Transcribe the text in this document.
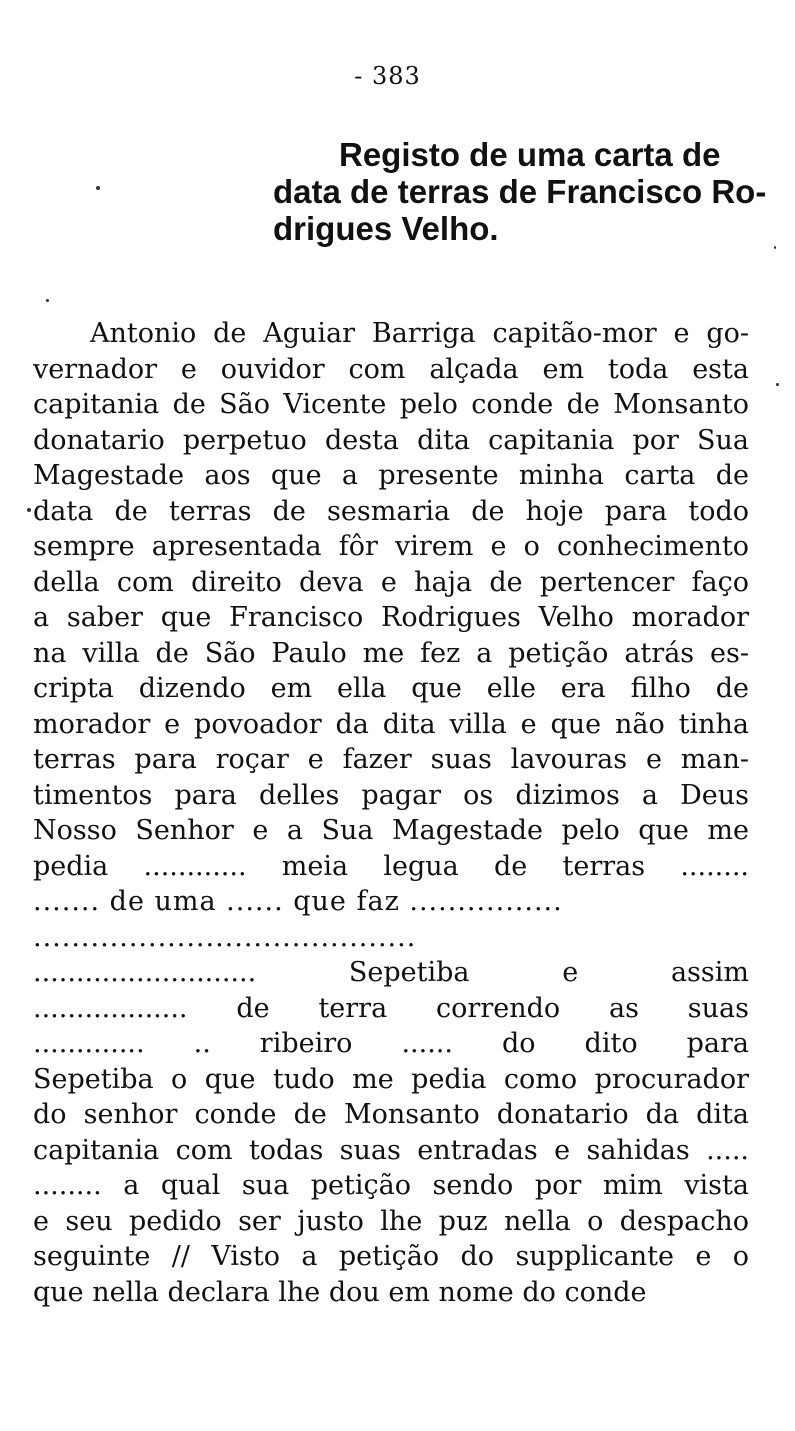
- 383
Registo de uma carta de
data de terras de Francisco Ro-
drigues Velho.
Antonio de Aguiar Barriga capitão-mor e go-
vernador e ouvidor com alçada em toda esta
capitania de São Vicente pelo conde de Monsanto
donatario perpetuo desta dita capitania por Sua
Magestade aos que a presente minha carta de
data de terras de sesmaria de hoje para todo
sempre apresentada fôr virem e o conhecimento
della com direito deva e haja de pertencer faço
a saber que Francisco Rodrigues Velho morador
na villa de São Paulo me fez a petição atrás es-
cripta dizendo em ella que elle era filho de
morador e povoador da dita villa e que não tinha
terras para roçar e fazer suas lavouras e man-
timentos para delles pagar os dizimos a Deus
Nosso Senhor e a Sua Magestade pelo que me
pedia ............ meia legua de terras ........
....... de uma ...... que faz ................
........................................
.......................... Sepetiba e assim
.................. de terra correndo as suas
............. .. ribeiro ...... do dito para
Sepetiba o que tudo me pedia como procurador
do senhor conde de Monsanto donatario da dita
capitania com todas suas entradas e sahidas .....
........ a qual sua petição sendo por mim vista
e seu pedido ser justo lhe puz nella o despacho
seguinte // Visto a petição do supplicante e o
que nella declara lhe dou em nome do conde
